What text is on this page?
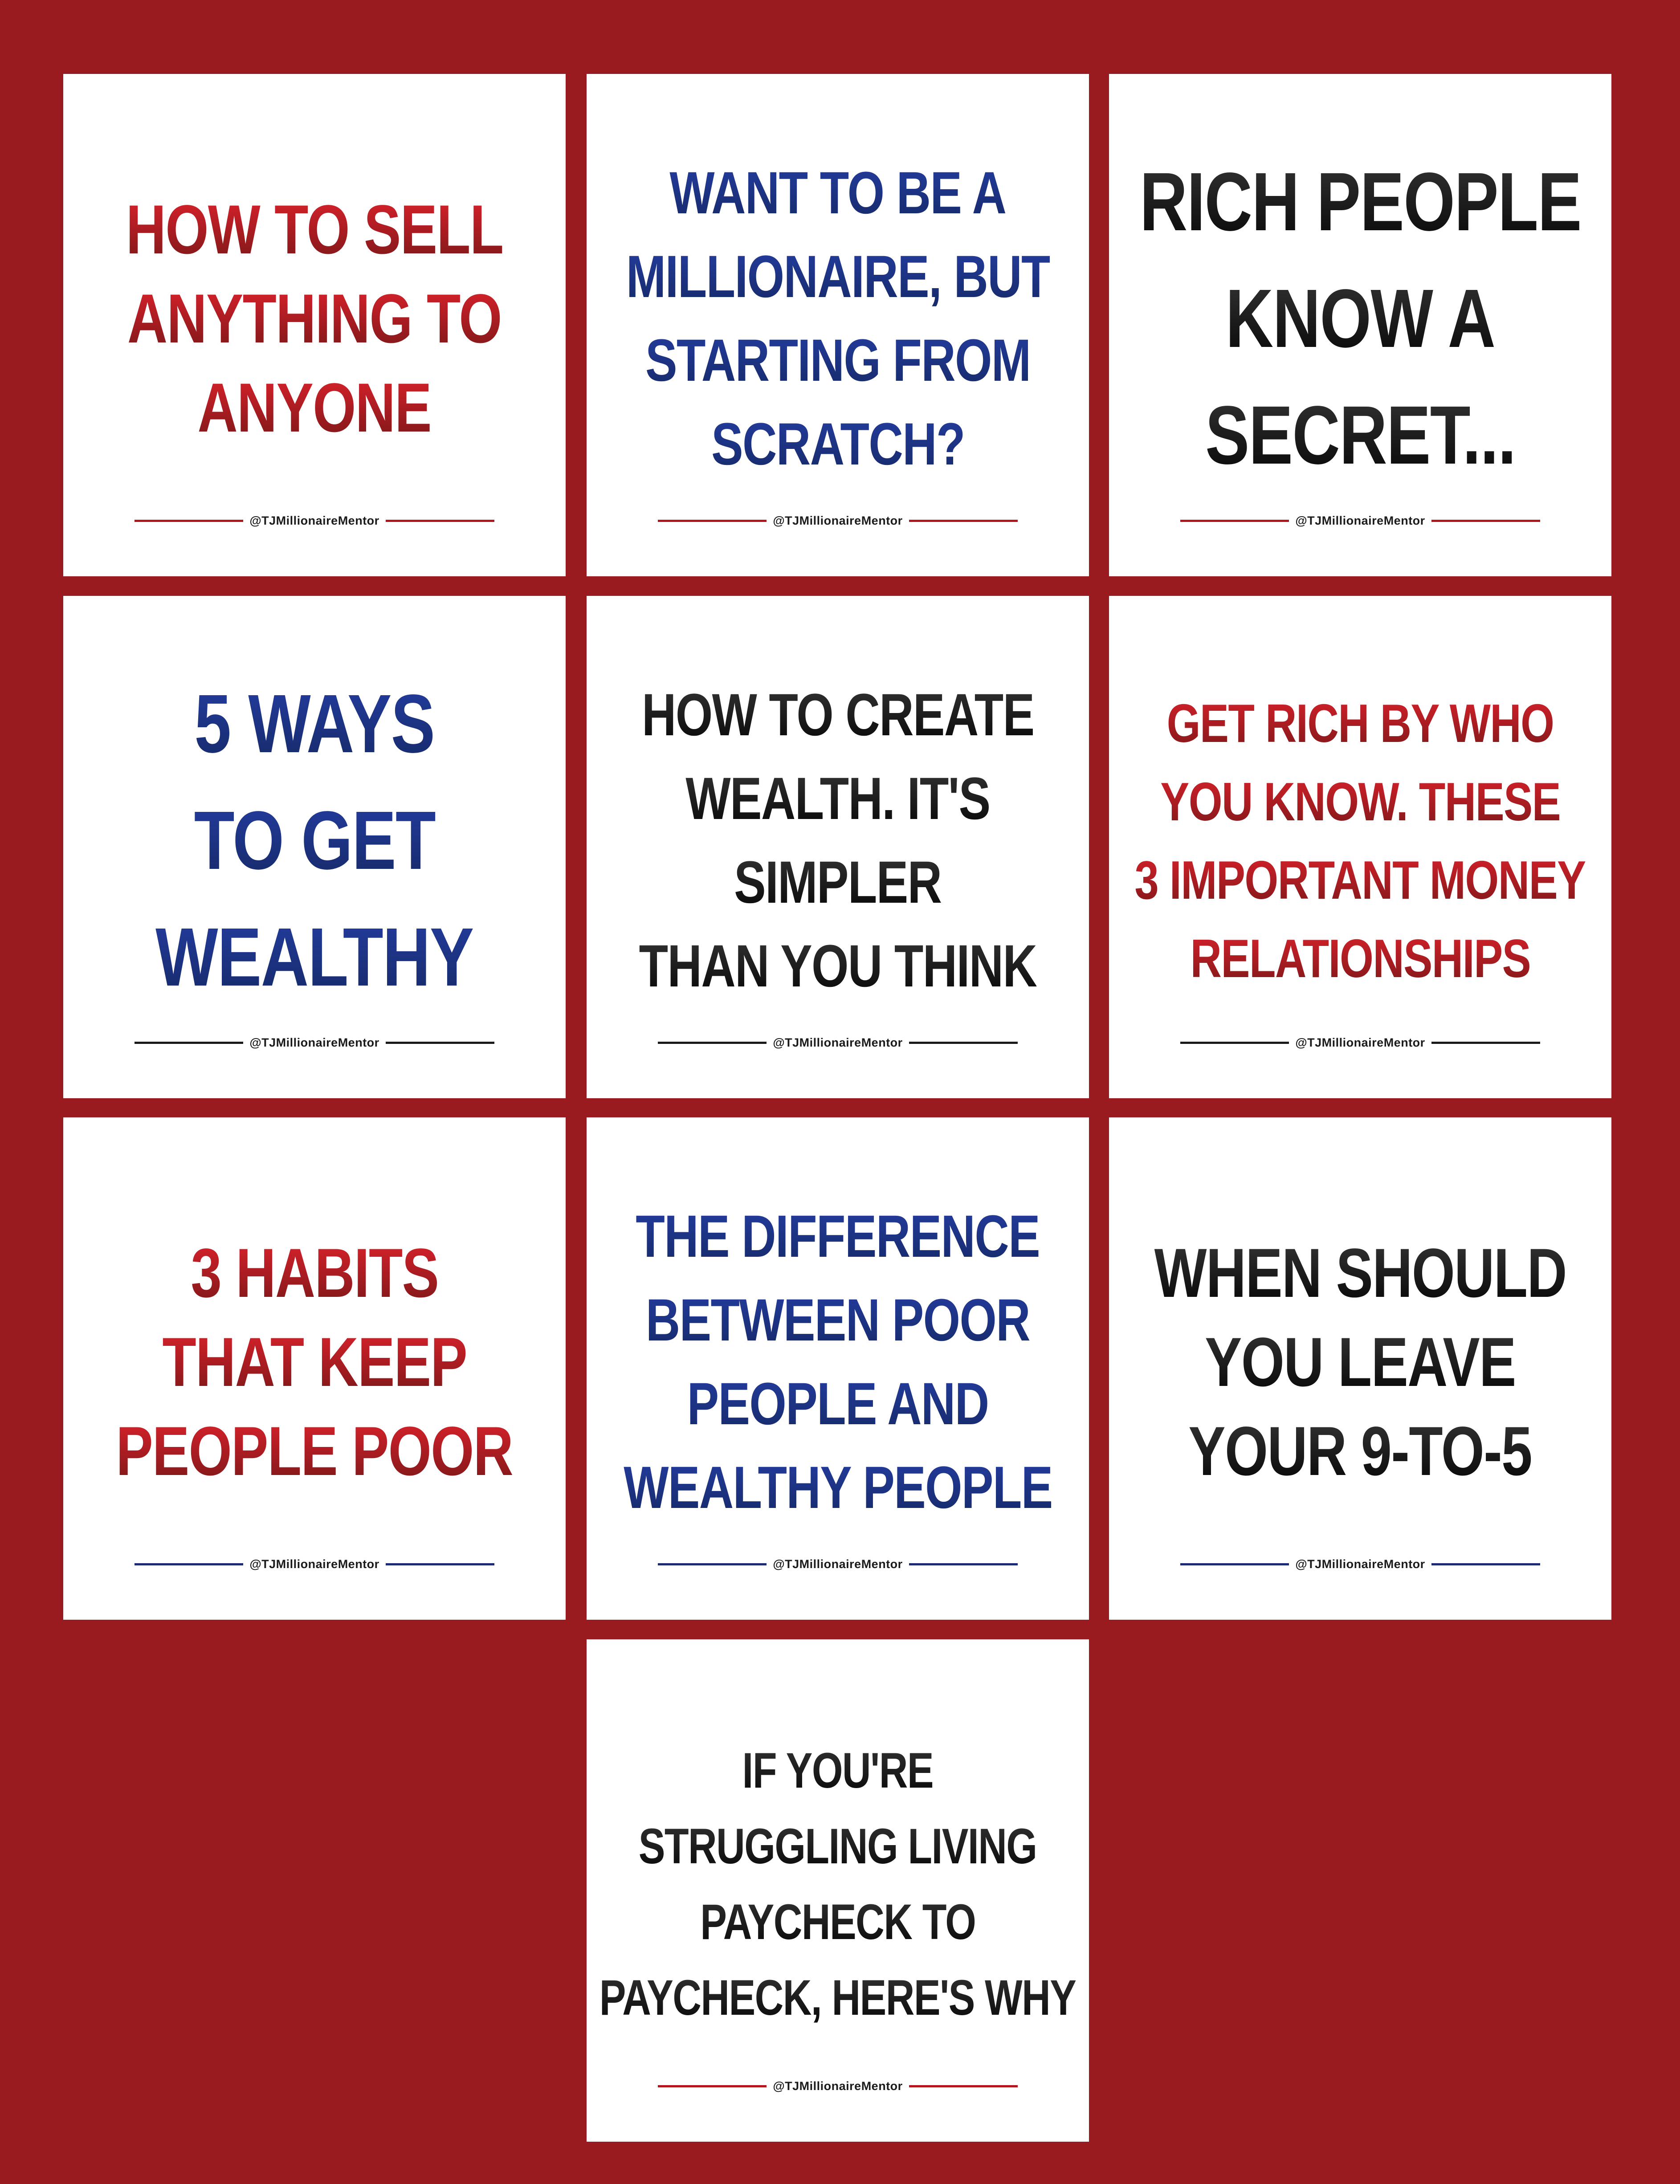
HOW TO SELL
ANYTHING TO
ANYONE
@TJMillionaireMentor
WANT TO BE A
MILLIONAIRE, BUT
STARTING FROM
SCRATCH?
@TJMillionaireMentor
RICH PEOPLE
KNOW A
SECRET...
@TJMillionaireMentor
5 WAYS
TO GET
WEALTHY
@TJMillionaireMentor
HOW TO CREATE
WEALTH. IT'S
SIMPLER
THAN YOU THINK
@TJMillionaireMentor
GET RICH BY WHO
YOU KNOW. THESE
3 IMPORTANT MONEY
RELATIONSHIPS
@TJMillionaireMentor
3 HABITS
THAT KEEP
PEOPLE POOR
@TJMillionaireMentor
THE DIFFERENCE
BETWEEN POOR
PEOPLE AND
WEALTHY PEOPLE
@TJMillionaireMentor
WHEN SHOULD
YOU LEAVE
YOUR 9-TO-5
@TJMillionaireMentor
IF YOU'RE
STRUGGLING LIVING
PAYCHECK TO
PAYCHECK, HERE'S WHY
@TJMillionaireMentor
